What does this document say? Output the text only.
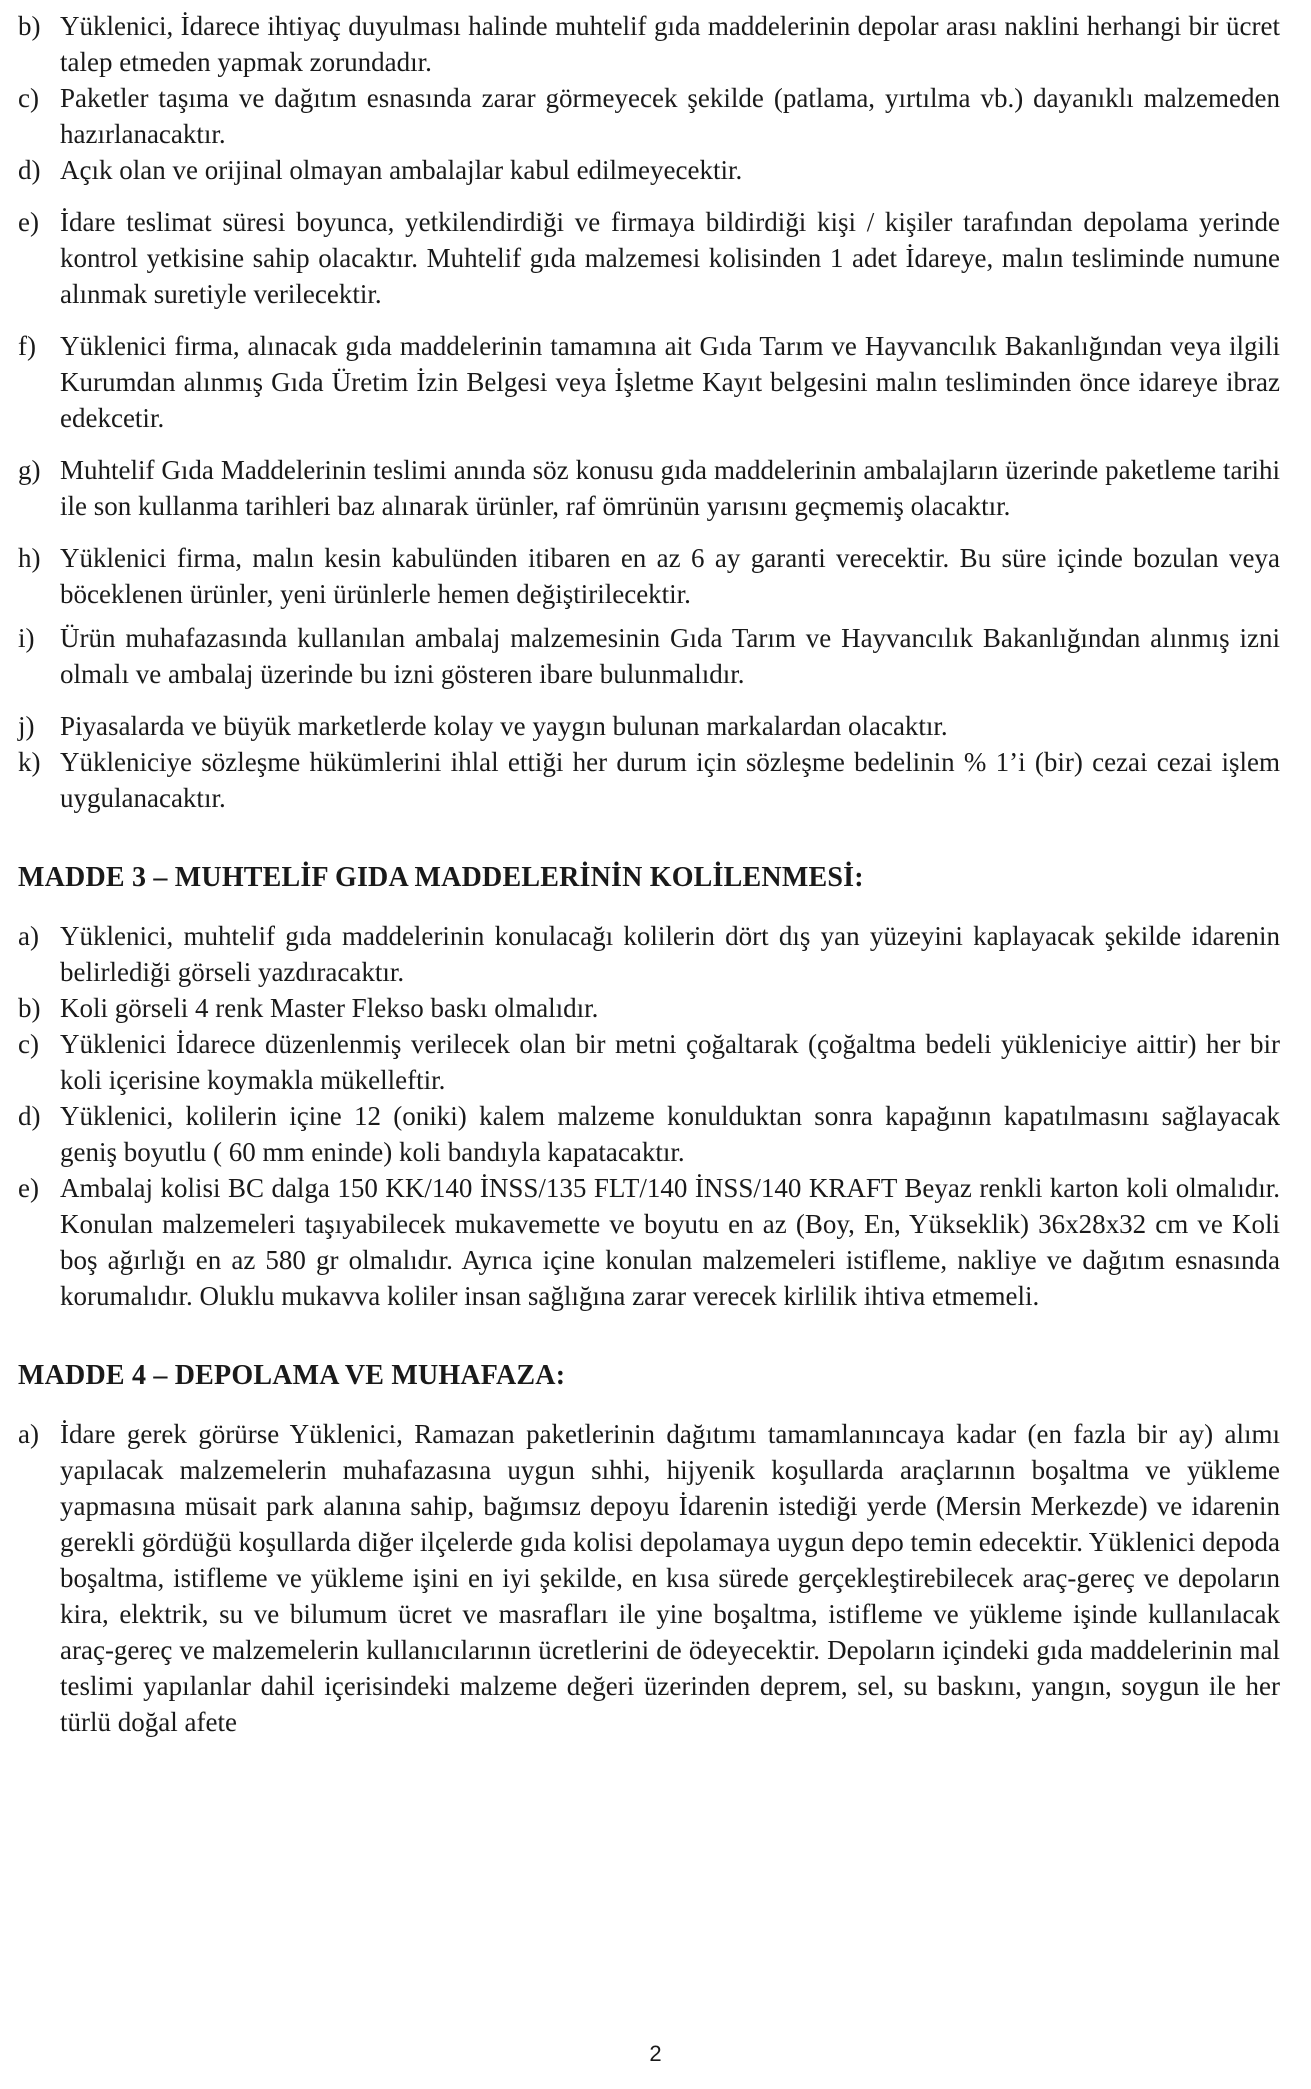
b) Yüklenici, İdarece ihtiyaç duyulması halinde muhtelif gıda maddelerinin depolar arası naklini herhangi bir ücret talep etmeden yapmak zorundadır.
c) Paketler taşıma ve dağıtım esnasında zarar görmeyecek şekilde (patlama, yırtılma vb.) dayanıklı malzemeden hazırlanacaktır.
d) Açık olan ve orijinal olmayan ambalajlar kabul edilmeyecektir.
e) İdare teslimat süresi boyunca, yetkilendirdiği ve firmaya bildirdiği kişi / kişiler tarafından depolama yerinde kontrol yetkisine sahip olacaktır. Muhtelif gıda malzemesi kolisinden 1 adet İdareye, malın tesliminde numune alınmak suretiyle verilecektir.
f) Yüklenici firma, alınacak gıda maddelerinin tamamına ait Gıda Tarım ve Hayvancılık Bakanlığından veya ilgili Kurumdan alınmış Gıda Üretim İzin Belgesi veya İşletme Kayıt belgesini malın tesliminden önce idareye ibraz edekcetir.
g) Muhtelif Gıda Maddelerinin teslimi anında söz konusu gıda maddelerinin ambalajların üzerinde paketleme tarihi ile son kullanma tarihleri baz alınarak ürünler, raf ömrünün yarısını geçmemiş olacaktır.
h) Yüklenici firma, malın kesin kabulünden itibaren en az 6 ay garanti verecektir. Bu süre içinde bozulan veya böceklenen ürünler, yeni ürünlerle hemen değiştirilecektir.
i) Ürün muhafazasında kullanılan ambalaj malzemesinin Gıda Tarım ve Hayvancılık Bakanlığından alınmış izni olmalı ve ambalaj üzerinde bu izni gösteren ibare bulunmalıdır.
j) Piyasalarda ve büyük marketlerde kolay ve yaygın bulunan markalardan olacaktır.
k) Yükleniciye sözleşme hükümlerini ihlal ettiği her durum için sözleşme bedelinin % 1’i (bir) cezai cezai işlem uygulanacaktır.
MADDE 3 – MUHTELİF GIDA MADDELERİNİN KOLİLENMESİ:
a) Yüklenici, muhtelif gıda maddelerinin konulacağı kolilerin dört dış yan yüzeyini kaplayacak şekilde idarenin belirlediği görseli yazdıracaktır.
b) Koli görseli 4 renk Master Flekso baskı olmalıdır.
c) Yüklenici İdarece düzenlenmiş verilecek olan bir metni çoğaltarak (çoğaltma bedeli yükleniciye aittir) her bir koli içerisine koymakla mükelleftir.
d) Yüklenici, kolilerin içine 12 (oniki) kalem malzeme konulduktan sonra kapağının kapatılmasını sağlayacak geniş boyutlu ( 60 mm eninde) koli bandıyla kapatacaktır.
e) Ambalaj kolisi BC dalga 150 KK/140 İNSS/135 FLT/140 İNSS/140 KRAFT Beyaz renkli karton koli olmalıdır. Konulan malzemeleri taşıyabilecek mukavemette ve boyutu en az (Boy, En, Yükseklik) 36x28x32 cm ve Koli boş ağırlığı en az 580 gr olmalıdır. Ayrıca içine konulan malzemeleri istifleme, nakliye ve dağıtım esnasında korumalıdır. Oluklu mukavva koliler insan sağlığına zarar verecek kirlilik ihtiva etmemeli.
MADDE 4 – DEPOLAMA VE MUHAFAZA:
a) İdare gerek görürse Yüklenici, Ramazan paketlerinin dağıtımı tamamlanıncaya kadar (en fazla bir ay) alımı yapılacak malzemelerin muhafazasına uygun sıhhi, hijyenik koşullarda araçlarının boşaltma ve yükleme yapmasına müsait park alanına sahip, bağımsız depoyu İdarenin istediği yerde (Mersin Merkezde) ve idarenin gerekli gördüğü koşullarda diğer ilçelerde gıda kolisi depolamaya uygun depo temin edecektir. Yüklenici depoda boşaltma, istifleme ve yükleme işini en iyi şekilde, en kısa sürede gerçekleştirebilecek araç-gereç ve depoların kira, elektrik, su ve bilumum ücret ve masrafları ile yine boşaltma, istifleme ve yükleme işinde kullanılacak araç-gereç ve malzemelerin kullanıcılarının ücretlerini de ödeyecektir. Depoların içindeki gıda maddelerinin mal teslimi yapılanlar dahil içerisindeki malzeme değeri üzerinden deprem, sel, su baskını, yangın, soygun ile her türlü doğal afete
2
